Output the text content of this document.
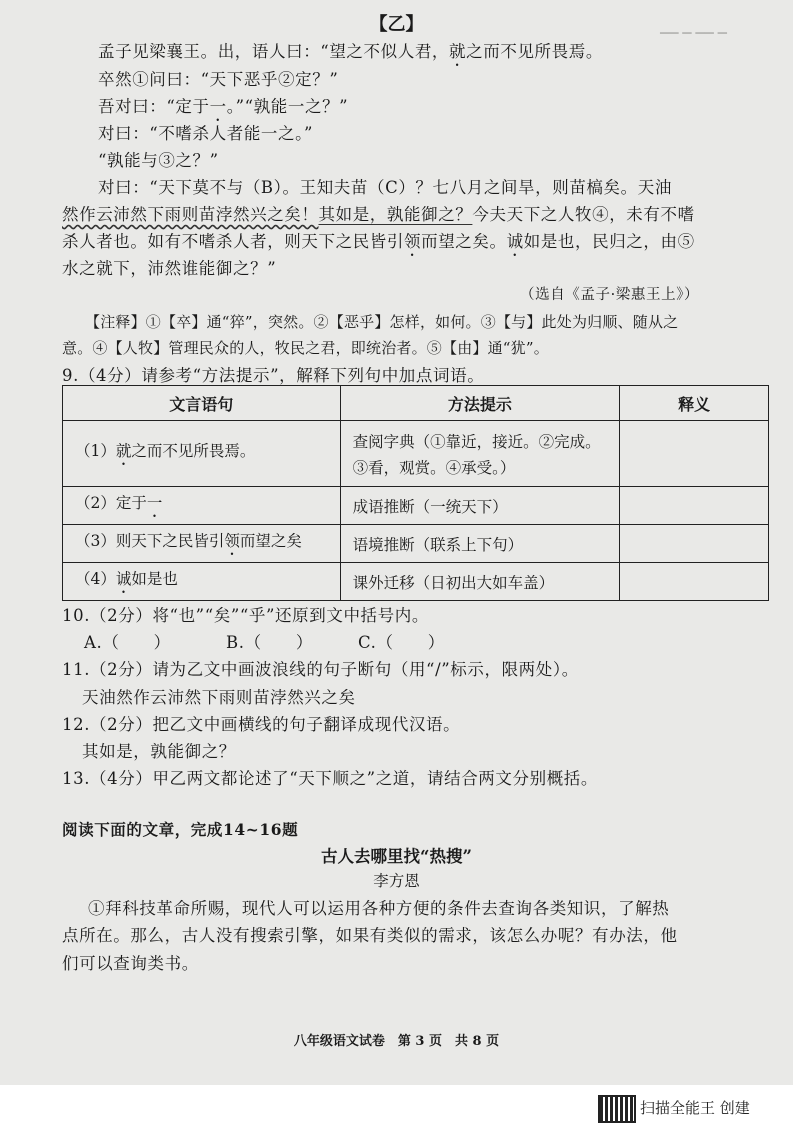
▁▁ ▁ ▁▁ ▁
【乙】
孟子见梁襄王。出，语人曰：“望之不似人君，就之而不见所畏焉。
卒然①问曰：“天下恶乎②定？”
吾对曰：“定于一。”“孰能一之？”
对曰：“不嗜杀人者能一之。”
“孰能与③之？”
对曰：“天下莫不与（B）。王知夫苗（C）？七八月之间旱，则苗槁矣。天油
然作云沛然下雨则苗浡然兴之矣！其如是，孰能御之？今夫天下之人牧④，未有不嗜
杀人者也。如有不嗜杀人者，则天下之民皆引领而望之矣。诚如是也，民归之，由⑤
水之就下，沛然谁能御之？”
（选自《孟子·梁惠王上》）
【注释】①【卒】通“猝”，突然。②【恶乎】怎样，如何。③【与】此处为归顺、随从之
意。④【人牧】管理民众的人，牧民之君，即统治者。⑤【由】通“犹”。
9.（4分）请参考“方法提示”，解释下列句中加点词语。
文言语句	方法提示	释义
（1）就之而不见所畏焉。	查阅字典（①靠近，接近。②完成。
③看，观赏。④承受。）	

（2）定于一	成语推断（一统天下）	
（3）则天下之民皆引领而望之矣	语境推断（联系上下句）	
（4）诚如是也	课外迁移（日初出大如车盖）	
10.（2分）将“也”“矣”“乎”还原到文中括号内。
A.（　　）	B.（　　）	C.（　　）
11.（2分）请为乙文中画波浪线的句子断句（用“/”标示，限两处）。
天油然作云沛然下雨则苗浡然兴之矣
12.（2分）把乙文中画横线的句子翻译成现代汉语。
其如是，孰能御之？
13.（4分）甲乙两文都论述了“天下顺之”之道，请结合两文分别概括。
阅读下面的文章，完成14~16题
古人去哪里找“热搜”
李方恩
①拜科技革命所赐，现代人可以运用各种方便的条件去查询各类知识，了解热
点所在。那么，古人没有搜索引擎，如果有类似的需求，该怎么办呢？有办法，他
们可以查询类书。
八年级语文试卷　第 3 页　共 8 页
扫描全能王 创建
